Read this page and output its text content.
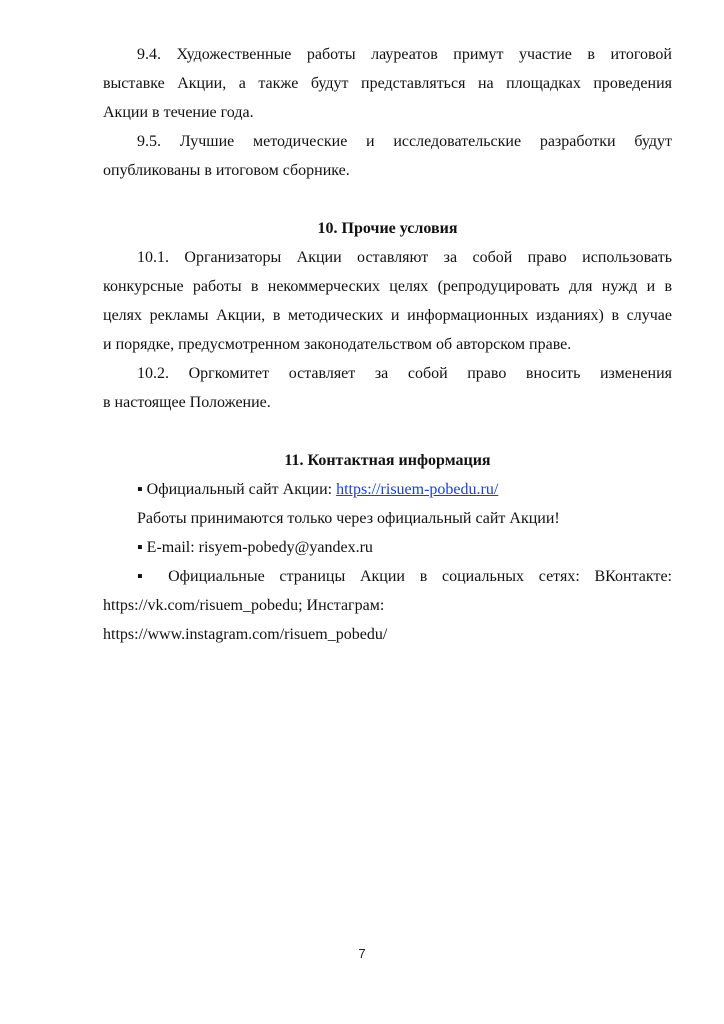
9.4. Художественные работы лауреатов примут участие в итоговой

выставке Акции, а также будут представляться на площадках проведения

Акции в течение года.

9.5. Лучшие методические и исследовательские разработки будут

опубликованы в итоговом сборнике.

10. Прочие условия

10.1. Организаторы Акции оставляют за собой право использовать

конкурсные работы в некоммерческих целях (репродуцировать для нужд и в

целях рекламы Акции, в методических и информационных изданиях) в случае

и порядке, предусмотренном законодательством об авторском праве.

10.2. Оргкомитет оставляет за собой право вносить изменения

в настоящее Положение.

11. Контактная информация

▪ Официальный сайт Акции: https://risuem-pobedu.ru/

Работы принимаются только через официальный сайт Акции!

▪ E-mail: risyem-pobedy@yandex.ru

▪ Официальные страницы Акции в социальных сетях: ВКонтакте:

https://vk.com/risuem_pobedu; Инстаграм:

https://www.instagram.com/risuem_pobedu/

7
